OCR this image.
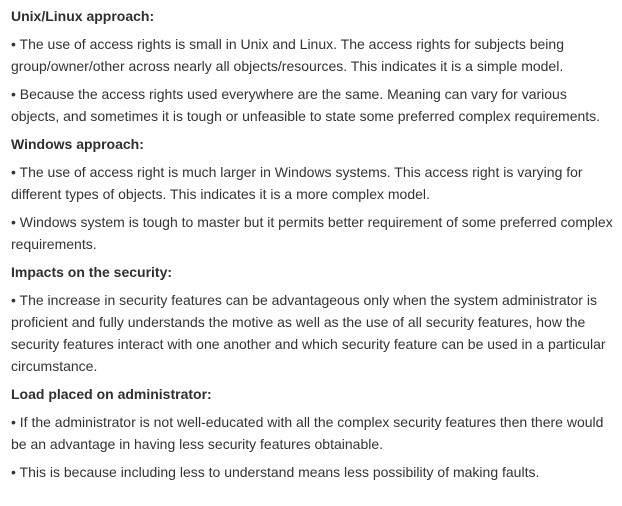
Unix/Linux approach:

• The use of access rights is small in Unix and Linux. The access rights for subjects being group/owner/other across nearly all objects/resources. This indicates it is a simple model.

• Because the access rights used everywhere are the same. Meaning can vary for various objects, and sometimes it is tough or unfeasible to state some preferred complex requirements.

Windows approach:

• The use of access right is much larger in Windows systems. This access right is varying for different types of objects. This indicates it is a more complex model.

• Windows system is tough to master but it permits better requirement of some preferred complex requirements.

Impacts on the security:

• The increase in security features can be advantageous only when the system administrator is proficient and fully understands the motive as well as the use of all security features, how the security features interact with one another and which security feature can be used in a particular circumstance.

Load placed on administrator:

• If the administrator is not well-educated with all the complex security features then there would be an advantage in having less security features obtainable.

• This is because including less to understand means less possibility of making faults.
